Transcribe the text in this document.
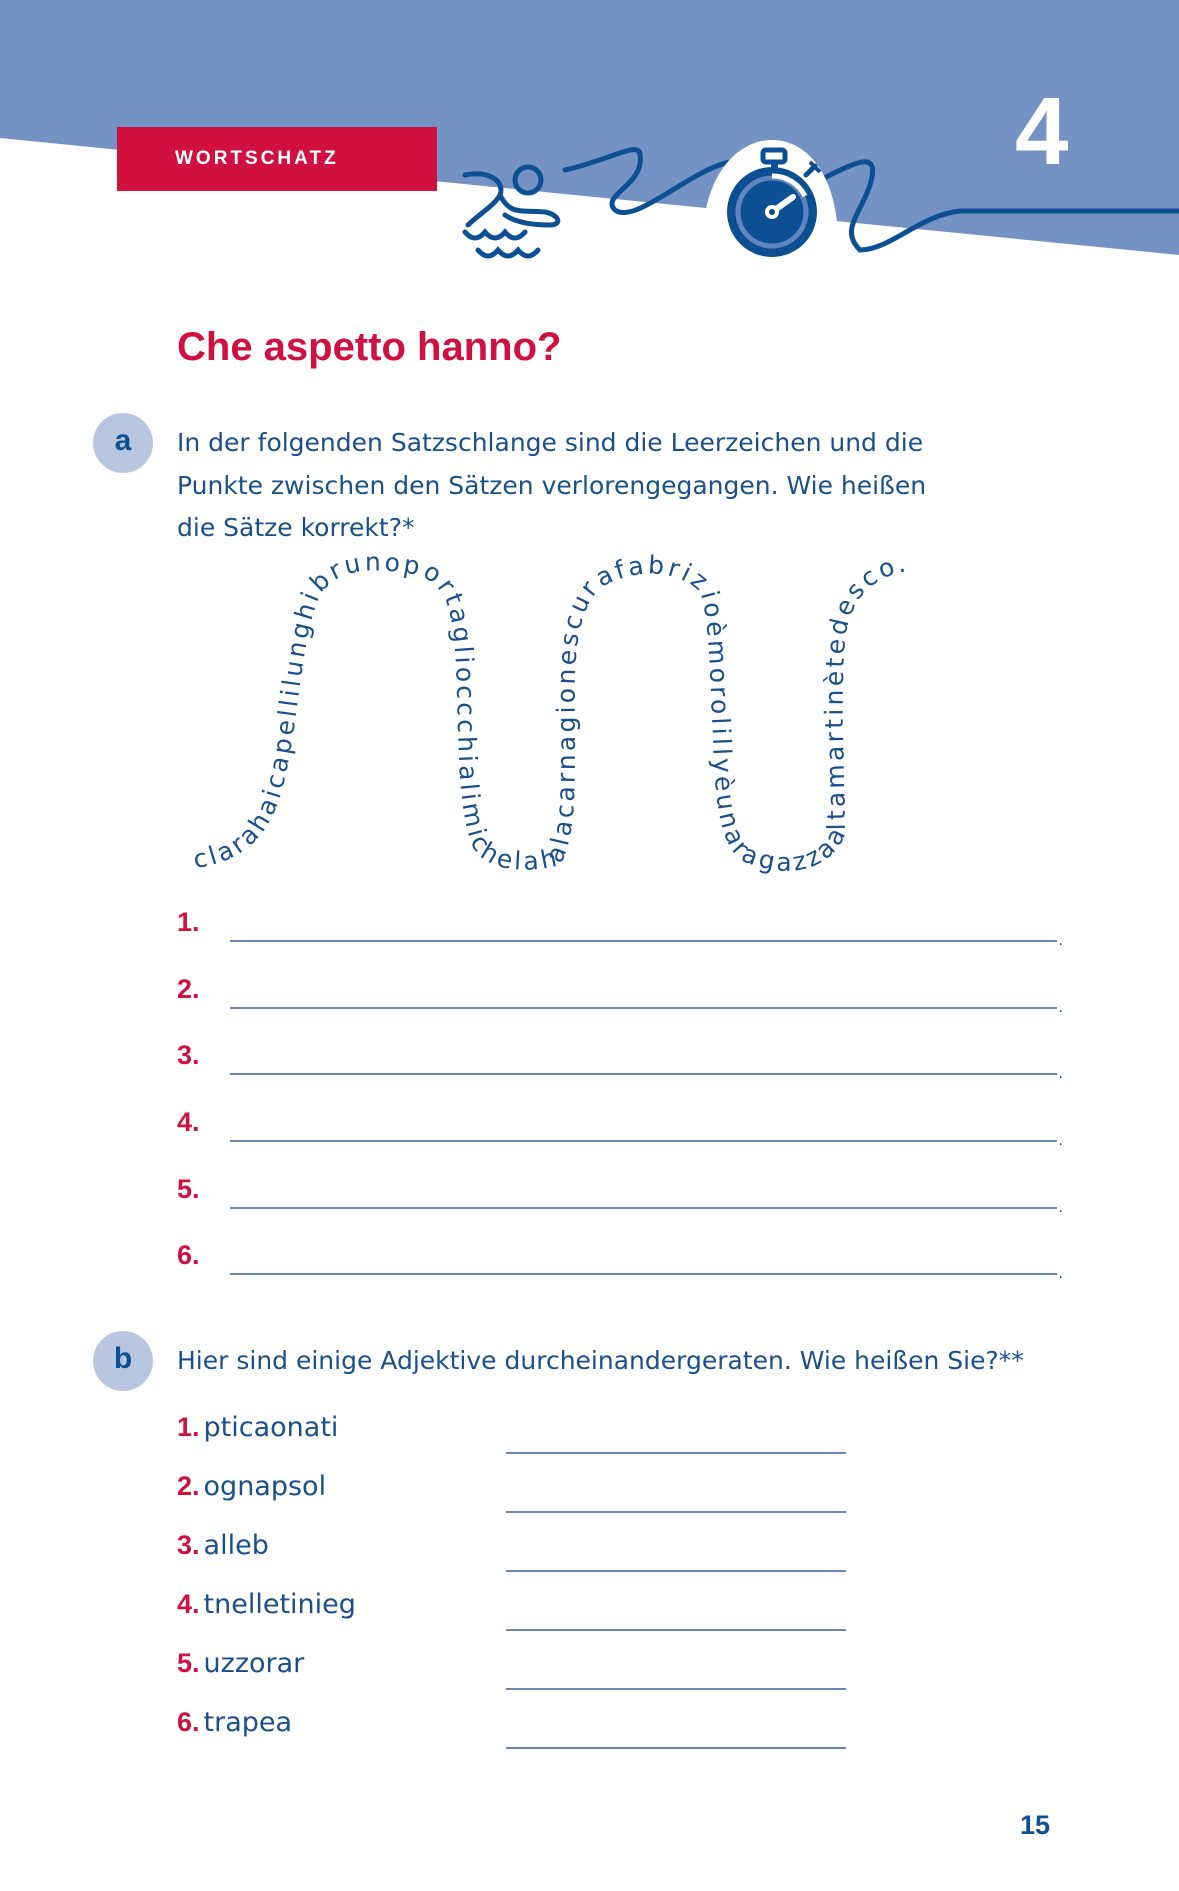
WORTSCHATZ	4
Che aspetto hanno?
a	In der folgenden Satzschlange sind die Leerzeichen und die
Punkte zwischen den Sätzen verlorengegangen. Wie heißen
die Sätze korrekt?*
clarahaicapellilunghibrunoportaglioccchialimichelahalacarnagionescurafabrizioèmorolillyèunaragazzaaltamartinètedesco.
1.
.
2.
.
3.
.
4.
.
5.
.
6.
.
b	Hier sind einige Adjektive durcheinandergeraten. Wie heißen Sie?**
1. pticaonati
2. ognapsol
3. alleb
4. tnelletinieg
5. uzzorar
6. trapea
15
